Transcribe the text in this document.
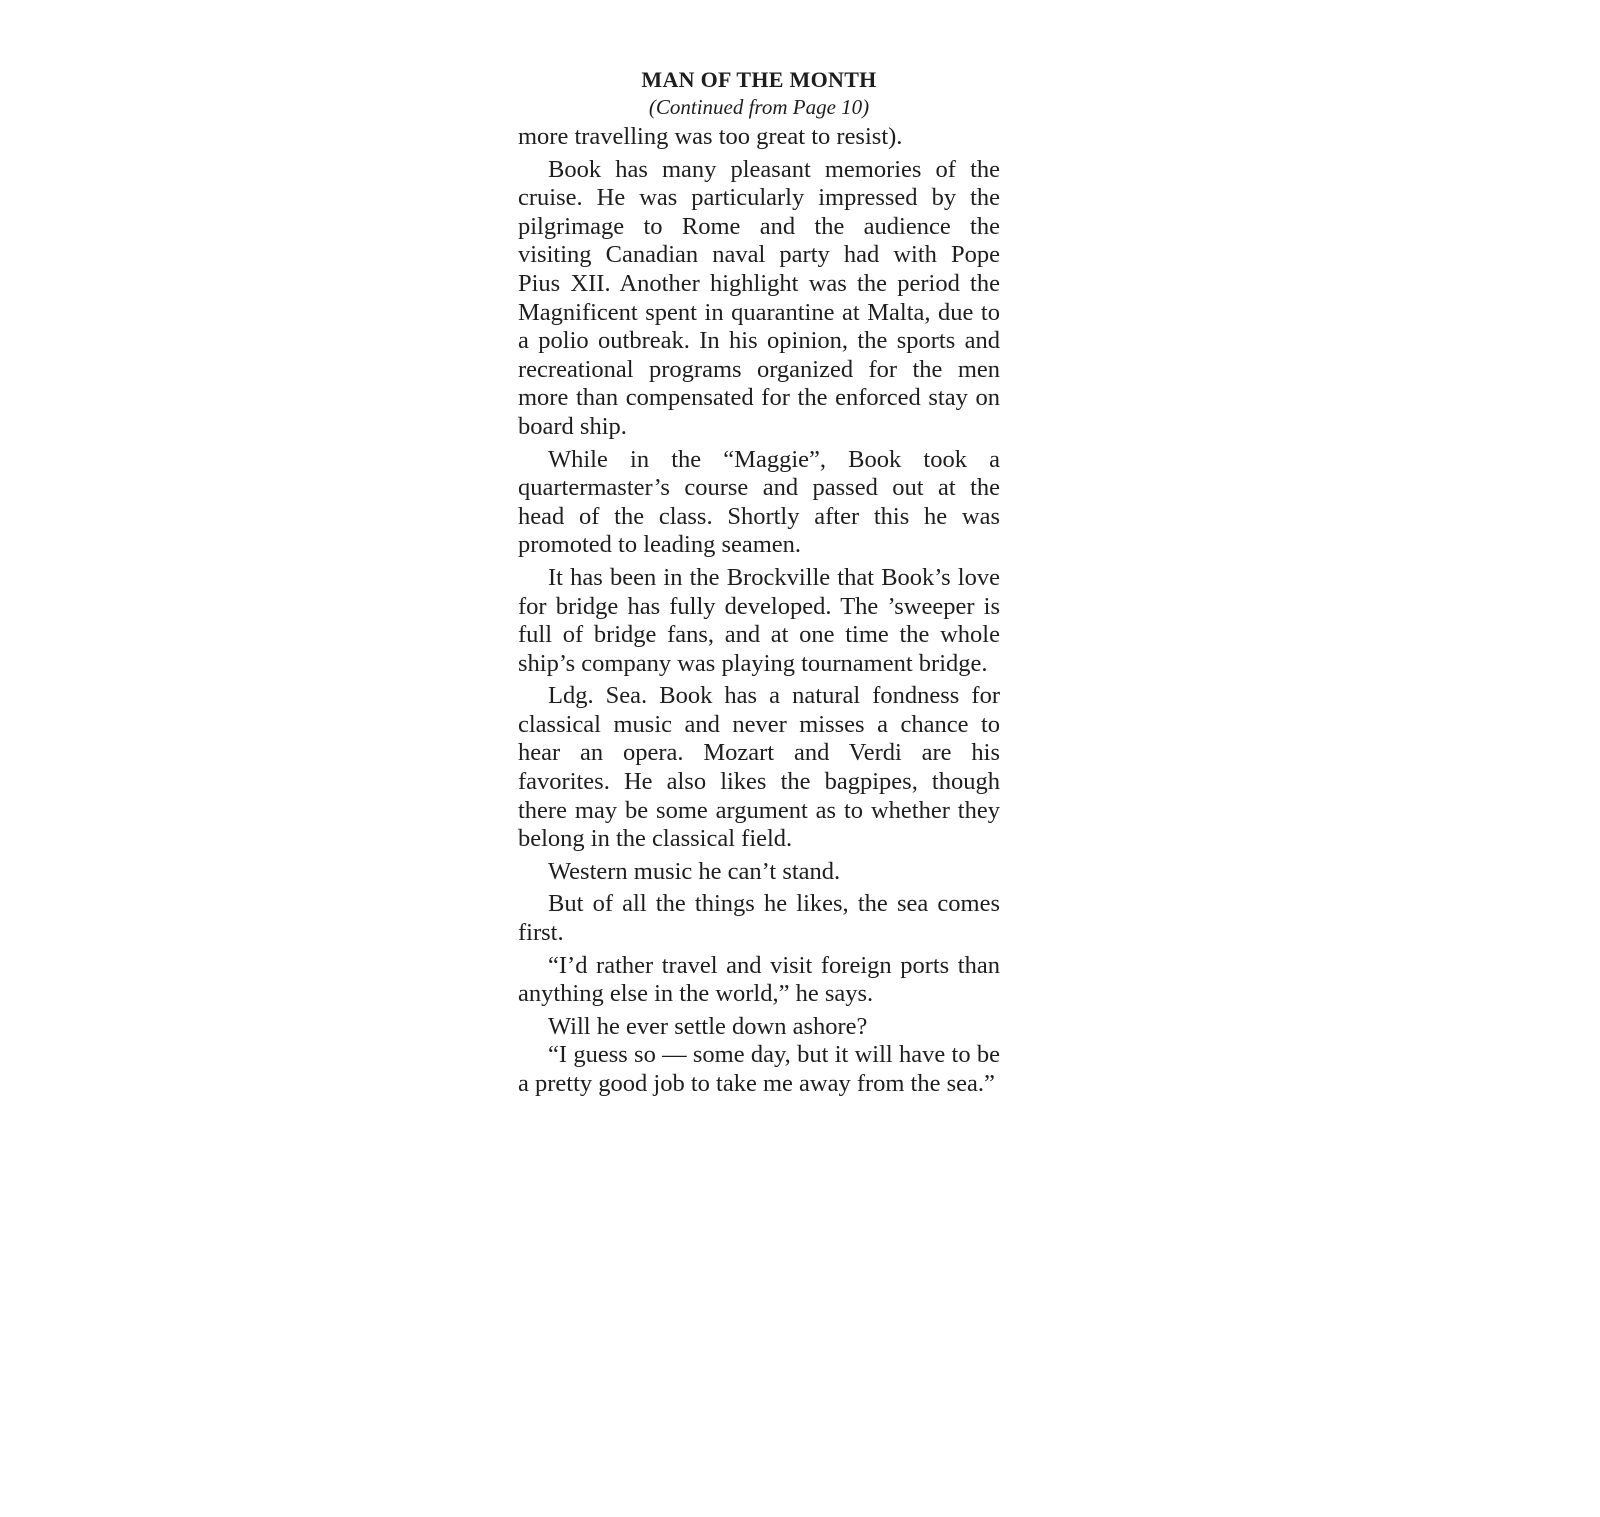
MAN OF THE MONTH
(Continued from Page 10)

more travelling was too great to resist).

Book has many pleasant memories of the cruise. He was particularly impressed by the pilgrimage to Rome and the audience the visiting Canadian naval party had with Pope Pius XII. Another highlight was the period the Magnificent spent in quarantine at Malta, due to a polio outbreak. In his opinion, the sports and recreational programs organized for the men more than compensated for the enforced stay on board ship.

While in the “Maggie”, Book took a quartermaster’s course and passed out at the head of the class. Shortly after this he was promoted to leading seamen.

It has been in the Brockville that Book’s love for bridge has fully developed. The ’sweeper is full of bridge fans, and at one time the whole ship’s company was playing tournament bridge.

Ldg. Sea. Book has a natural fondness for classical music and never misses a chance to hear an opera. Mozart and Verdi are his favorites. He also likes the bagpipes, though there may be some argument as to whether they belong in the classical field.

Western music he can’t stand.

But of all the things he likes, the sea comes first.

“I’d rather travel and visit foreign ports than anything else in the world,” he says.

Will he ever settle down ashore?

“I guess so — some day, but it will have to be a pretty good job to take me away from the sea.”
